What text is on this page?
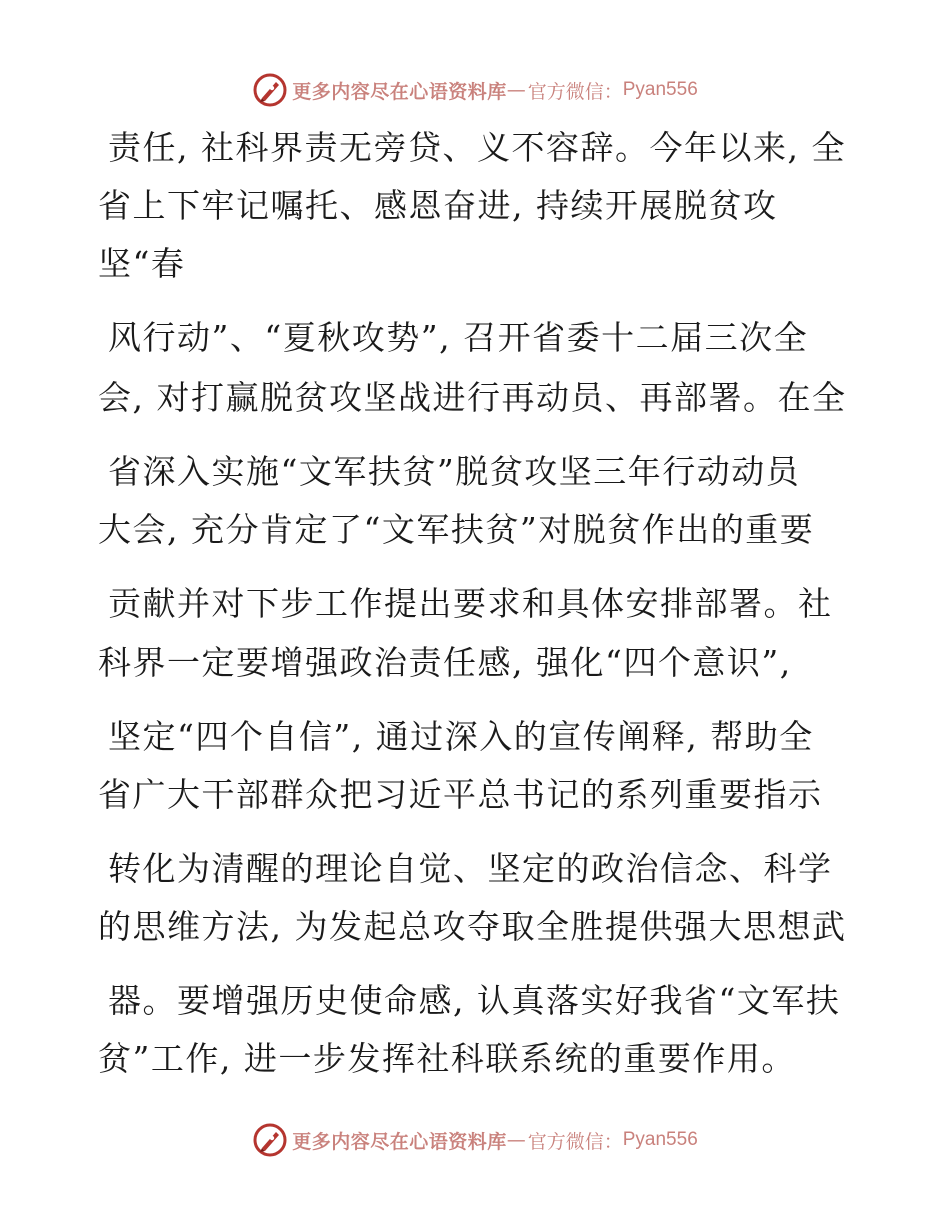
更多内容尽在心语资料库 — 官方微信： Pyan556
责任, 社科界责无旁贷、义不容辞。今年以来, 全
省上下牢记嘱托、感恩奋进, 持续开展脱贫攻
坚“春
风行动”、“夏秋攻势”, 召开省委十二届三次全
会, 对打赢脱贫攻坚战进行再动员、再部署。在全
省深入实施“文军扶贫”脱贫攻坚三年行动动员
大会, 充分肯定了“文军扶贫”对脱贫作出的重要
贡献并对下步工作提出要求和具体安排部署。社
科界一定要增强政治责任感, 强化“四个意识”,
坚定“四个自信”, 通过深入的宣传阐释, 帮助全
省广大干部群众把习近平总书记的系列重要指示
转化为清醒的理论自觉、坚定的政治信念、科学
的思维方法, 为发起总攻夺取全胜提供强大思想武
器。要增强历史使命感, 认真落实好我省“文军扶
贫”工作, 进一步发挥社科联系统的重要作用。
更多内容尽在心语资料库 — 官方微信： Pyan556
